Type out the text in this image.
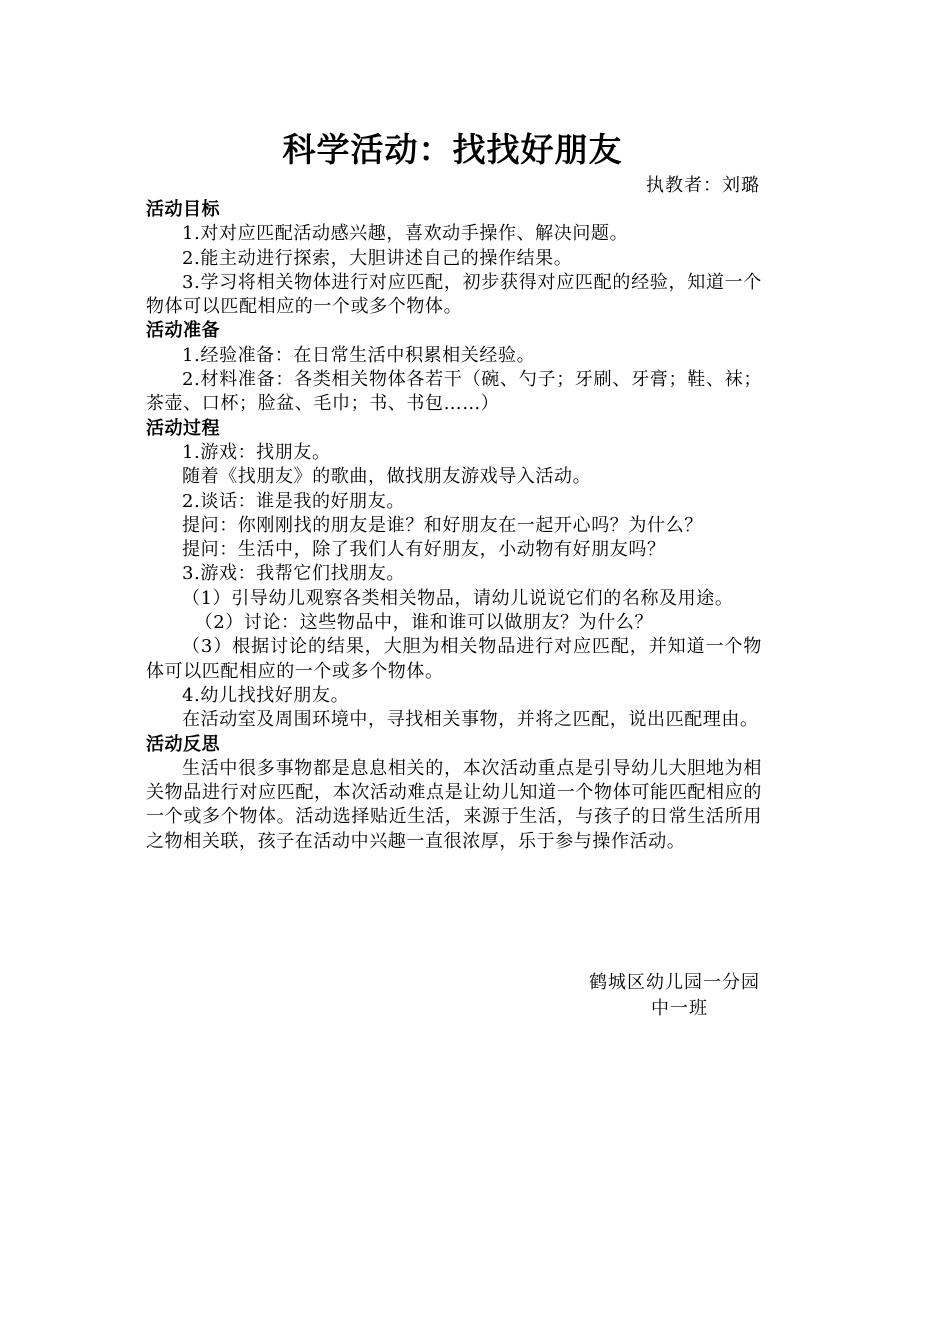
科学活动：找找好朋友
执教者：刘璐

活动目标

1.对对应匹配活动感兴趣，喜欢动手操作、解决问题。

2.能主动进行探索，大胆讲述自己的操作结果。

3.学习将相关物体进行对应匹配，初步获得对应匹配的经验，知道一个物体可以匹配相应的一个或多个物体。

活动准备

1.经验准备：在日常生活中积累相关经验。

2.材料准备：各类相关物体各若干（碗、勺子；牙刷、牙膏；鞋、袜；茶壶、口杯；脸盆、毛巾；书、书包……）

活动过程

1.游戏：找朋友。

随着《找朋友》的歌曲，做找朋友游戏导入活动。

2.谈话：谁是我的好朋友。

提问：你刚刚找的朋友是谁？和好朋友在一起开心吗？为什么？

提问：生活中，除了我们人有好朋友，小动物有好朋友吗？

3.游戏：我帮它们找朋友。

（1）引导幼儿观察各类相关物品，请幼儿说说它们的名称及用途。

（2）讨论：这些物品中，谁和谁可以做朋友？为什么？

（3）根据讨论的结果，大胆为相关物品进行对应匹配，并知道一个物体可以匹配相应的一个或多个物体。

4.幼儿找找好朋友。

在活动室及周围环境中，寻找相关事物，并将之匹配，说出匹配理由。

活动反思

生活中很多事物都是息息相关的，本次活动重点是引导幼儿大胆地为相关物品进行对应匹配，本次活动难点是让幼儿知道一个物体可能匹配相应的一个或多个物体。活动选择贴近生活，来源于生活，与孩子的日常生活所用之物相关联，孩子在活动中兴趣一直很浓厚，乐于参与操作活动。

鹤城区幼儿园一分园
中一班
